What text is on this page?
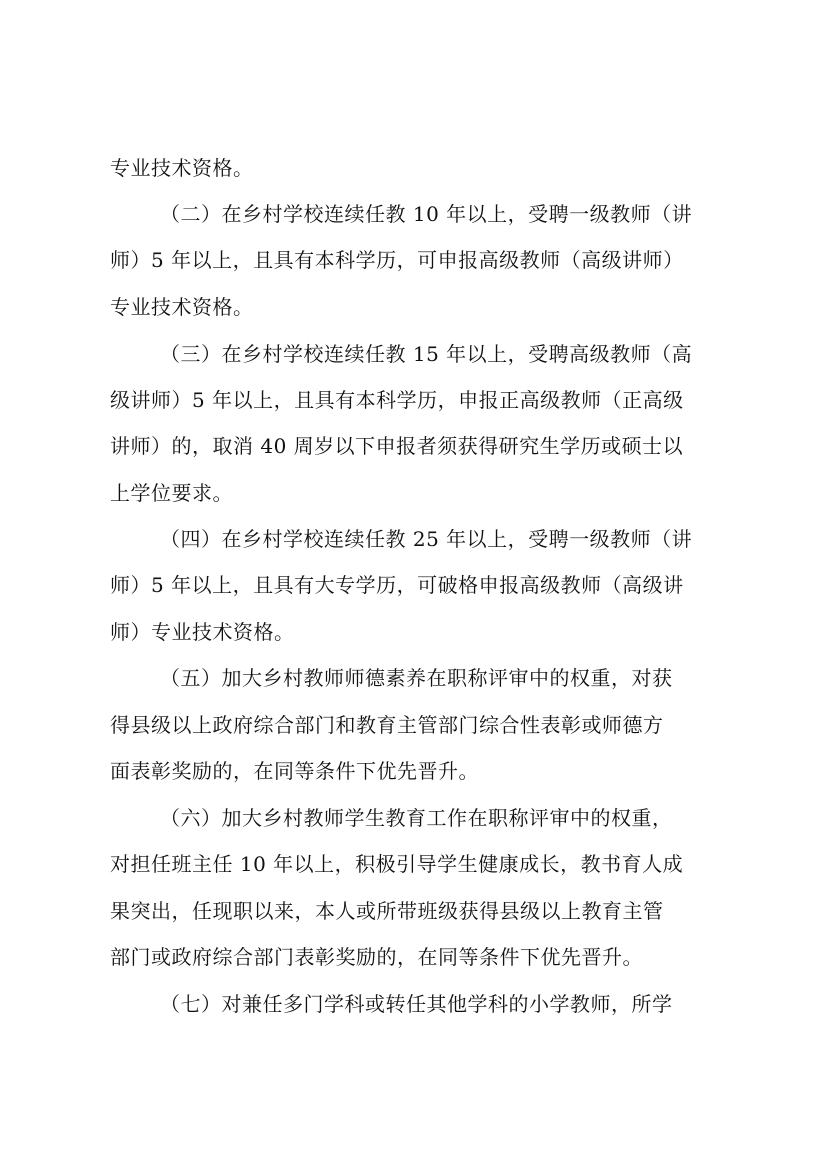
专业技术资格。
（二）在乡村学校连续任教 10 年以上，受聘一级教师（讲
师）5 年以上，且具有本科学历，可申报高级教师（高级讲师）
专业技术资格。
（三）在乡村学校连续任教 15 年以上，受聘高级教师（高
级讲师）5 年以上，且具有本科学历，申报正高级教师（正高级
讲师）的，取消 40 周岁以下申报者须获得研究生学历或硕士以
上学位要求。
（四）在乡村学校连续任教 25 年以上，受聘一级教师（讲
师）5 年以上，且具有大专学历，可破格申报高级教师（高级讲
师）专业技术资格。
（五）加大乡村教师师德素养在职称评审中的权重，对获
得县级以上政府综合部门和教育主管部门综合性表彰或师德方
面表彰奖励的，在同等条件下优先晋升。
（六）加大乡村教师学生教育工作在职称评审中的权重，
对担任班主任 10 年以上，积极引导学生健康成长，教书育人成
果突出，任现职以来，本人或所带班级获得县级以上教育主管
部门或政府综合部门表彰奖励的，在同等条件下优先晋升。
（七）对兼任多门学科或转任其他学科的小学教师，所学
